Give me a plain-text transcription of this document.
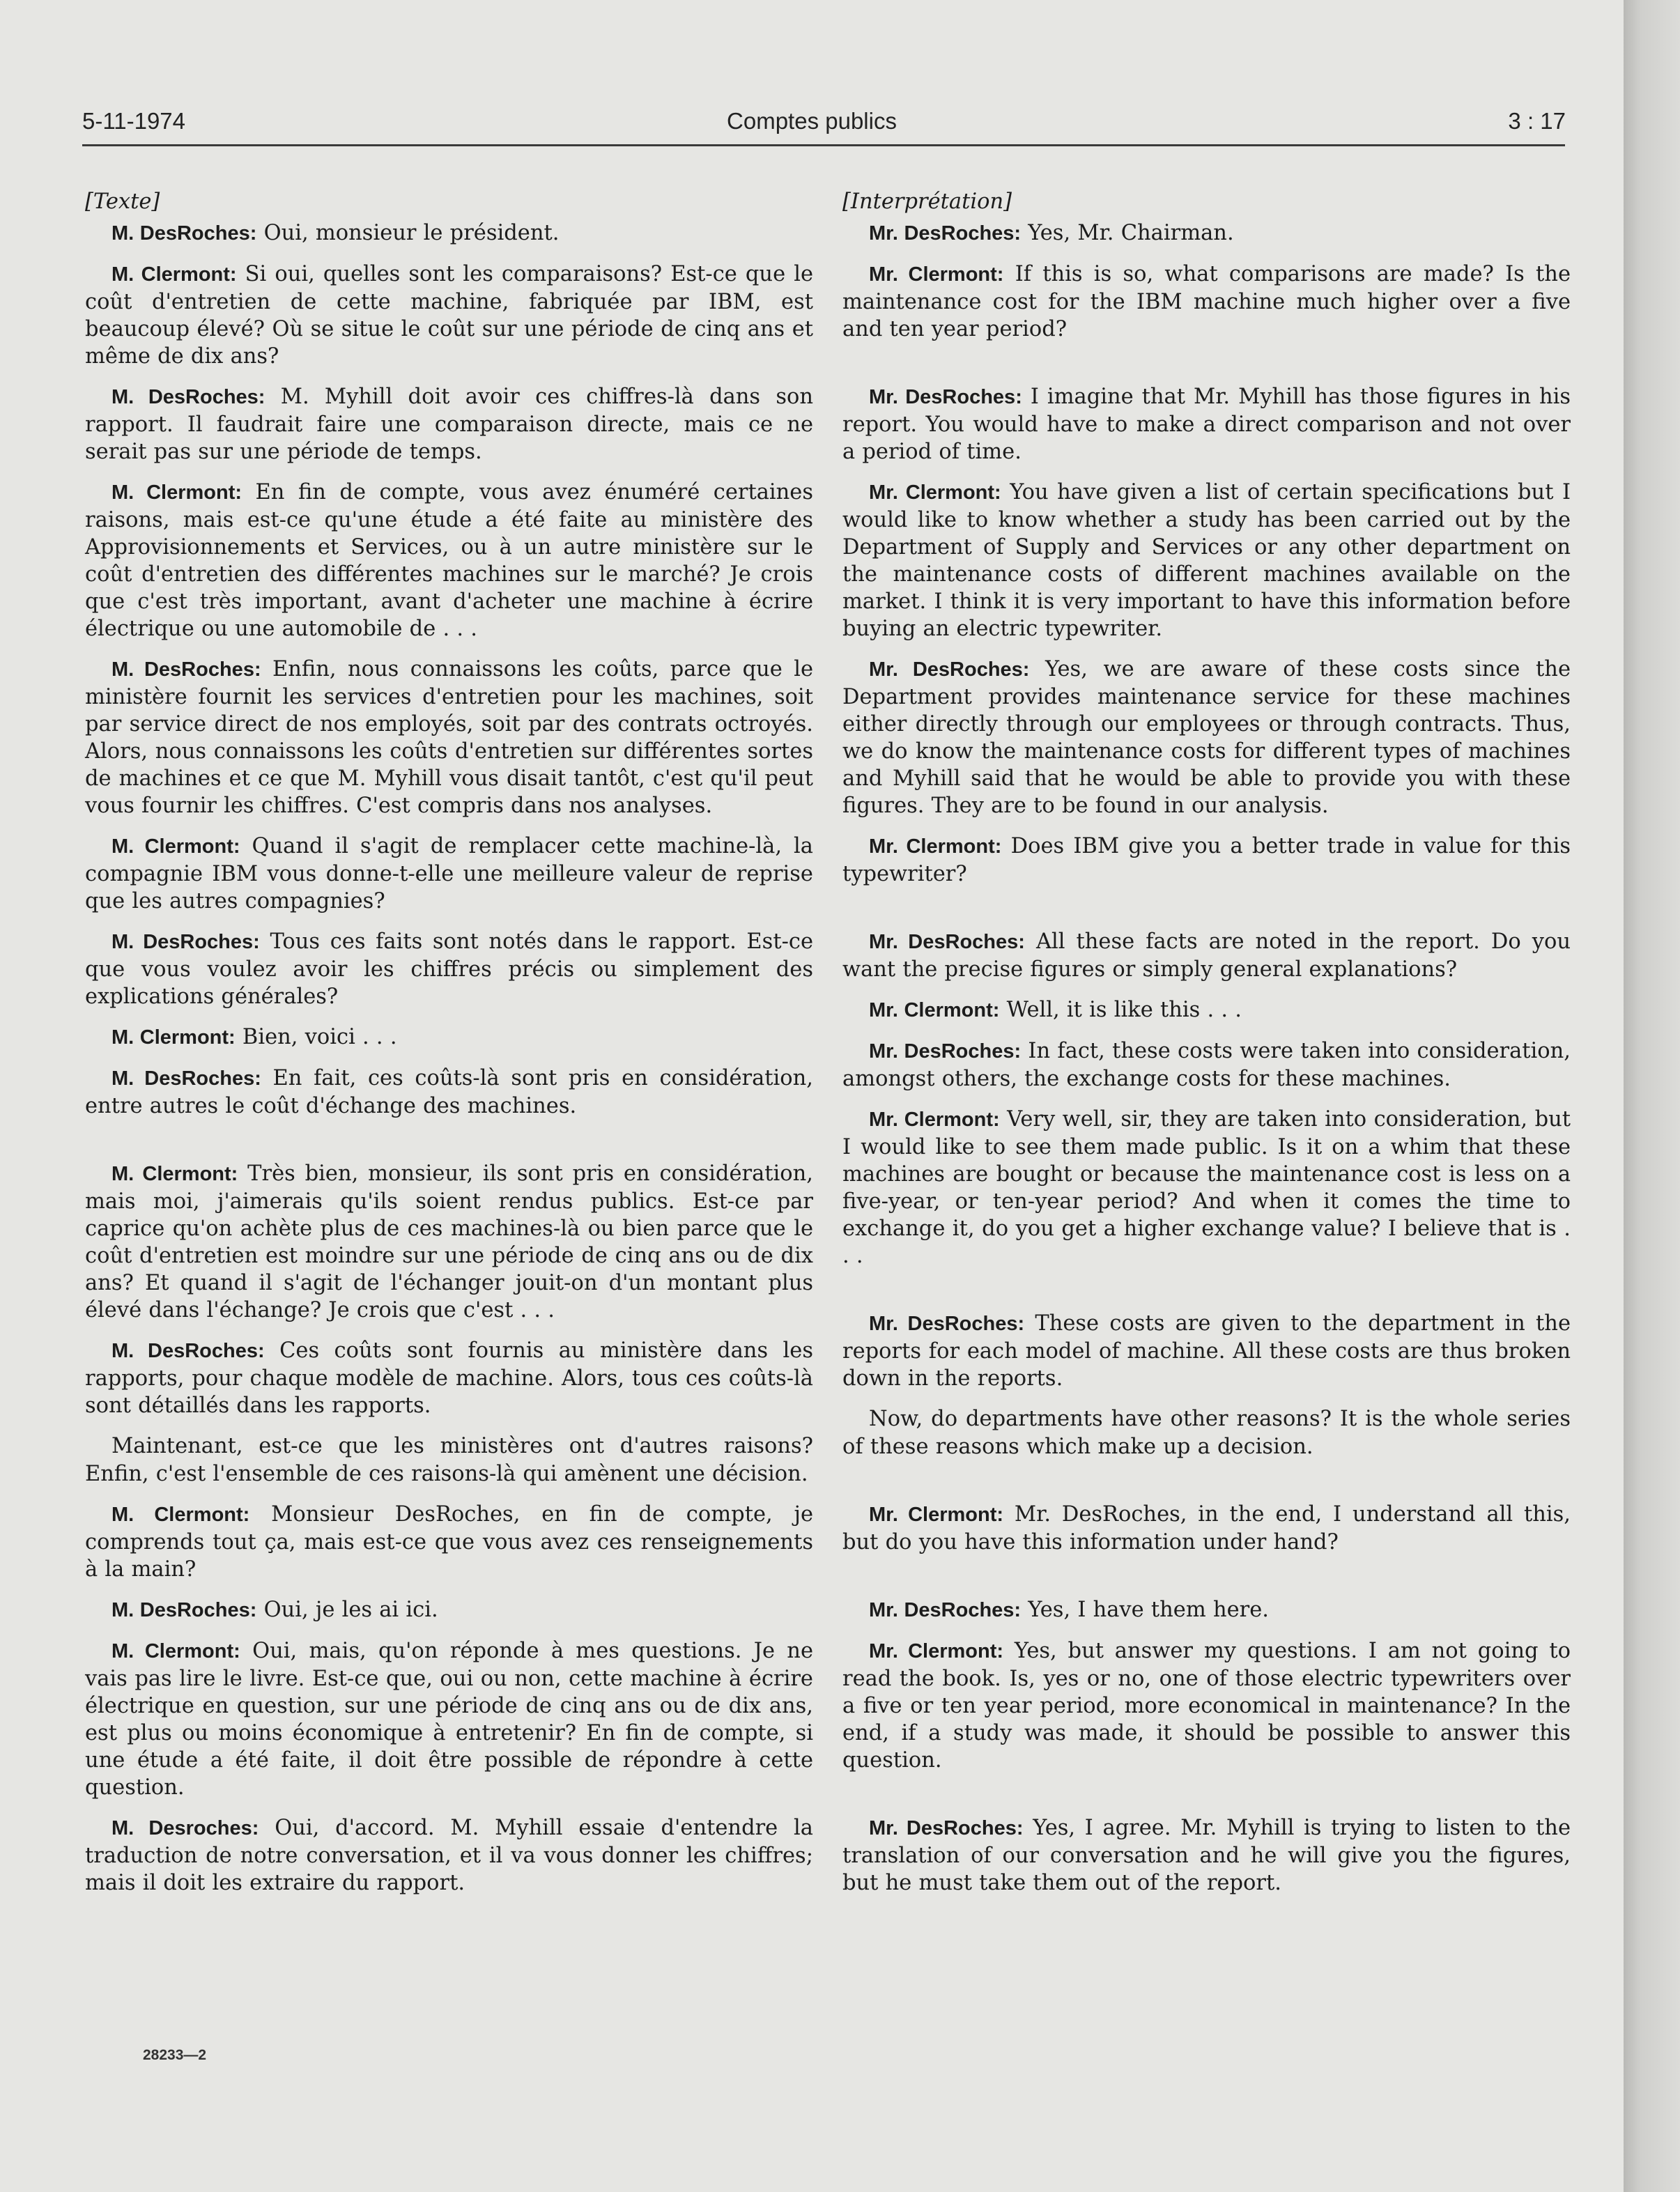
5-11-1974	Comptes publics	3 : 17
[Texte]

M. DesRoches: Oui, monsieur le président.

M. Clermont: Si oui, quelles sont les comparaisons? Est-ce que le coût d'entretien de cette machine, fabriquée par IBM, est beaucoup élevé? Où se situe le coût sur une période de cinq ans et même de dix ans?

M. DesRoches: M. Myhill doit avoir ces chiffres-là dans son rapport. Il faudrait faire une comparaison directe, mais ce ne serait pas sur une période de temps.

M. Clermont: En fin de compte, vous avez énuméré certaines raisons, mais est-ce qu'une étude a été faite au ministère des Approvisionnements et Services, ou à un autre ministère sur le coût d'entretien des différentes machines sur le marché? Je crois que c'est très important, avant d'acheter une machine à écrire électrique ou une automobile de . . .

M. DesRoches: Enfin, nous connaissons les coûts, parce que le ministère fournit les services d'entretien pour les machines, soit par service direct de nos employés, soit par des contrats octroyés. Alors, nous connaissons les coûts d'entretien sur différentes sortes de machines et ce que M. Myhill vous disait tantôt, c'est qu'il peut vous fournir les chiffres. C'est compris dans nos analyses.

M. Clermont: Quand il s'agit de remplacer cette machine-là, la compagnie IBM vous donne-t-elle une meilleure valeur de reprise que les autres compagnies?

M. DesRoches: Tous ces faits sont notés dans le rapport. Est-ce que vous voulez avoir les chiffres précis ou simplement des explications générales?

M. Clermont: Bien, voici . . .

M. DesRoches: En fait, ces coûts-là sont pris en considération, entre autres le coût d'échange des machines.

M. Clermont: Très bien, monsieur, ils sont pris en considération, mais moi, j'aimerais qu'ils soient rendus publics. Est-ce par caprice qu'on achète plus de ces machines-là ou bien parce que le coût d'entretien est moindre sur une période de cinq ans ou de dix ans? Et quand il s'agit de l'échanger jouit-on d'un montant plus élevé dans l'échange? Je crois que c'est . . .

M. DesRoches: Ces coûts sont fournis au ministère dans les rapports, pour chaque modèle de machine. Alors, tous ces coûts-là sont détaillés dans les rapports.

Maintenant, est-ce que les ministères ont d'autres raisons? Enfin, c'est l'ensemble de ces raisons-là qui amènent une décision.

M. Clermont: Monsieur DesRoches, en fin de compte, je comprends tout ça, mais est-ce que vous avez ces renseignements à la main?

M. DesRoches: Oui, je les ai ici.

M. Clermont: Oui, mais, qu'on réponde à mes questions. Je ne vais pas lire le livre. Est-ce que, oui ou non, cette machine à écrire électrique en question, sur une période de cinq ans ou de dix ans, est plus ou moins économique à entretenir? En fin de compte, si une étude a été faite, il doit être possible de répondre à cette question.

M. Desroches: Oui, d'accord. M. Myhill essaie d'entendre la traduction de notre conversation, et il va vous donner les chiffres; mais il doit les extraire du rapport.

[Interprétation]

Mr. DesRoches: Yes, Mr. Chairman.

Mr. Clermont: If this is so, what comparisons are made? Is the maintenance cost for the IBM machine much higher over a five and ten year period?

Mr. DesRoches: I imagine that Mr. Myhill has those figures in his report. You would have to make a direct comparison and not over a period of time.

Mr. Clermont: You have given a list of certain specifications but I would like to know whether a study has been carried out by the Department of Supply and Services or any other department on the maintenance costs of different machines available on the market. I think it is very important to have this information before buying an electric typewriter.

Mr. DesRoches: Yes, we are aware of these costs since the Department provides maintenance service for these machines either directly through our employees or through contracts. Thus, we do know the maintenance costs for different types of machines and Myhill said that he would be able to provide you with these figures. They are to be found in our analysis.

Mr. Clermont: Does IBM give you a better trade in value for this typewriter?

Mr. DesRoches: All these facts are noted in the report. Do you want the precise figures or simply general explanations?

Mr. Clermont: Well, it is like this . . .

Mr. DesRoches: In fact, these costs were taken into consideration, amongst others, the exchange costs for these machines.

Mr. Clermont: Very well, sir, they are taken into consideration, but I would like to see them made public. Is it on a whim that these machines are bought or because the maintenance cost is less on a five-year, or ten-year period? And when it comes the time to exchange it, do you get a higher exchange value? I believe that is . . .

Mr. DesRoches: These costs are given to the department in the reports for each model of machine. All these costs are thus broken down in the reports.

Now, do departments have other reasons? It is the whole series of these reasons which make up a decision.

Mr. Clermont: Mr. DesRoches, in the end, I understand all this, but do you have this information under hand?

Mr. DesRoches: Yes, I have them here.

Mr. Clermont: Yes, but answer my questions. I am not going to read the book. Is, yes or no, one of those electric typewriters over a five or ten year period, more economical in maintenance? In the end, if a study was made, it should be possible to answer this question.

Mr. DesRoches: Yes, I agree. Mr. Myhill is trying to listen to the translation of our conversation and he will give you the figures, but he must take them out of the report.

28233—2
